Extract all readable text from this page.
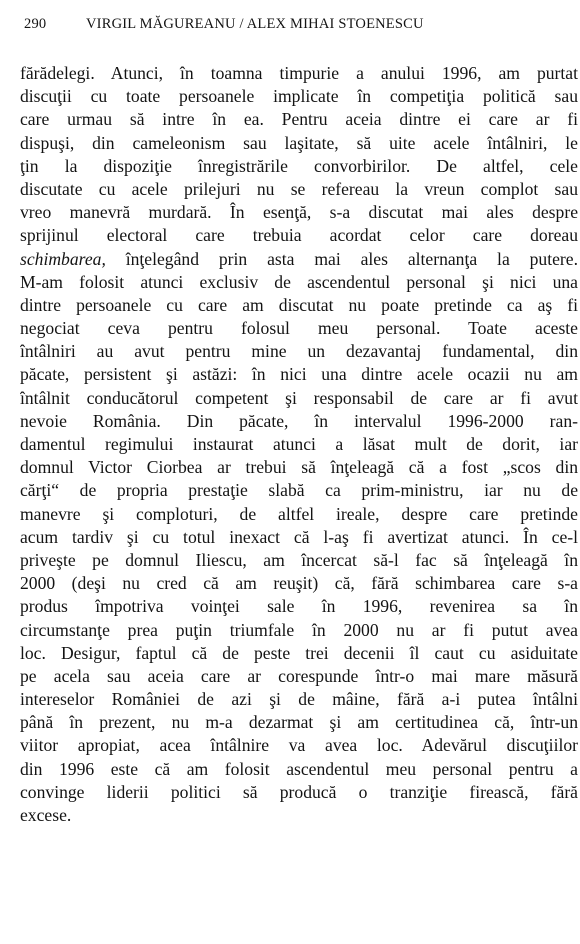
290	VIRGIL MĂGUREANU / ALEX MIHAI STOENESCU
fărădelegi. Atunci, în toamna timpurie a anului 1996, am purtat
discuţii cu toate persoanele implicate în competiţia politică sau
care urmau să intre în ea. Pentru aceia dintre ei care ar fi
dispuşi, din cameleonism sau laşitate, să uite acele întâlniri, le
ţin la dispoziţie înregistrările convorbirilor. De altfel, cele
discutate cu acele prilejuri nu se refereau la vreun complot sau
vreo manevră murdară. În esenţă, s-a discutat mai ales despre
sprijinul electoral care trebuia acordat celor care doreau
schimbarea, înţelegând prin asta mai ales alternanţa la putere.
M-am folosit atunci exclusiv de ascendentul personal şi nici una
dintre persoanele cu care am discutat nu poate pretinde ca aş fi
negociat ceva pentru folosul meu personal. Toate aceste
întâlniri au avut pentru mine un dezavantaj fundamental, din
păcate, persistent şi astăzi: în nici una dintre acele ocazii nu am
întâlnit conducătorul competent şi responsabil de care ar fi avut
nevoie România. Din păcate, în intervalul 1996-2000 ran-
damentul regimului instaurat atunci a lăsat mult de dorit, iar
domnul Victor Ciorbea ar trebui să înţeleagă că a fost „scos din
cărţi“ de propria prestaţie slabă ca prim-ministru, iar nu de
manevre şi comploturi, de altfel ireale, despre care pretinde
acum tardiv şi cu totul inexact că l-aş fi avertizat atunci. În ce-l
priveşte pe domnul Iliescu, am încercat să-l fac să înţeleagă în
2000 (deşi nu cred că am reuşit) că, fără schimbarea care s-a
produs împotriva voinţei sale în 1996, revenirea sa în
circumstanţe prea puţin triumfale în 2000 nu ar fi putut avea
loc. Desigur, faptul că de peste trei decenii îl caut cu asiduitate
pe acela sau aceia care ar corespunde într-o mai mare măsură
intereselor României de azi şi de mâine, fără a-i putea întâlni
până în prezent, nu m-a dezarmat şi am certitudinea că, într-un
viitor apropiat, acea întâlnire va avea loc. Adevărul discuţiilor
din 1996 este că am folosit ascendentul meu personal pentru a
convinge liderii politici să producă o tranziţie firească, fără
excese.
